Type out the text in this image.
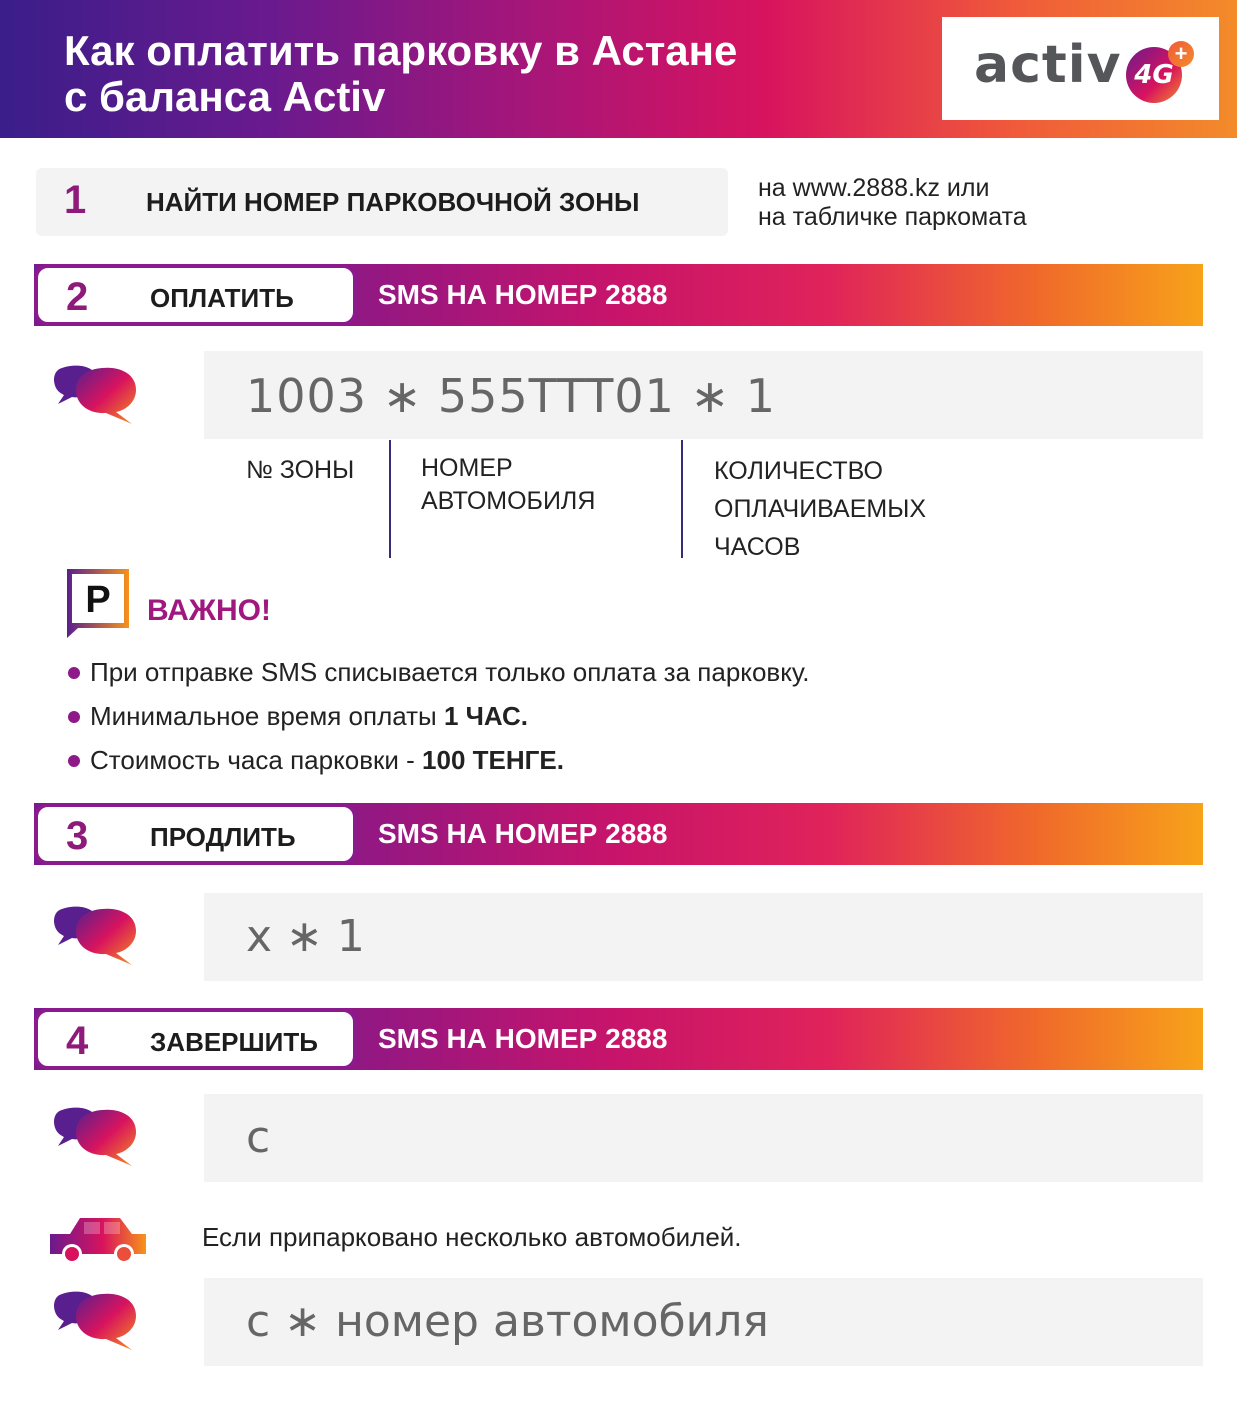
Как оплатить парковку в Астане
с баланса Activ
activ 4G
+
1 НАЙТИ НОМЕР ПАРКОВОЧНОЙ ЗОНЫ	на www.2888.kz или
на табличке паркомата
2 ОПЛАТИТЬ	SMS НА НОМЕР 2888
1003 ∗ 555TTT01 ∗ 1
№ ЗОНЫ	НОМЕР
АВТОМОБИЛЯ
КОЛИЧЕСТВО
ОПЛАЧИВАЕМЫХ
ЧАСОВ
P ВАЖНО!
При отправке SMS списывается только оплата за парковку.
Минимальное время оплаты 1 ЧАС.
Стоимость часа парковки - 100 ТЕНГЕ.
3 ПРОДЛИТЬ	SMS НА НОМЕР 2888
x ∗ 1
4 ЗАВЕРШИТЬ SMS НА НОМЕР 2888
с
Если припарковано несколько автомобилей.
с ∗ номер автомобиля
